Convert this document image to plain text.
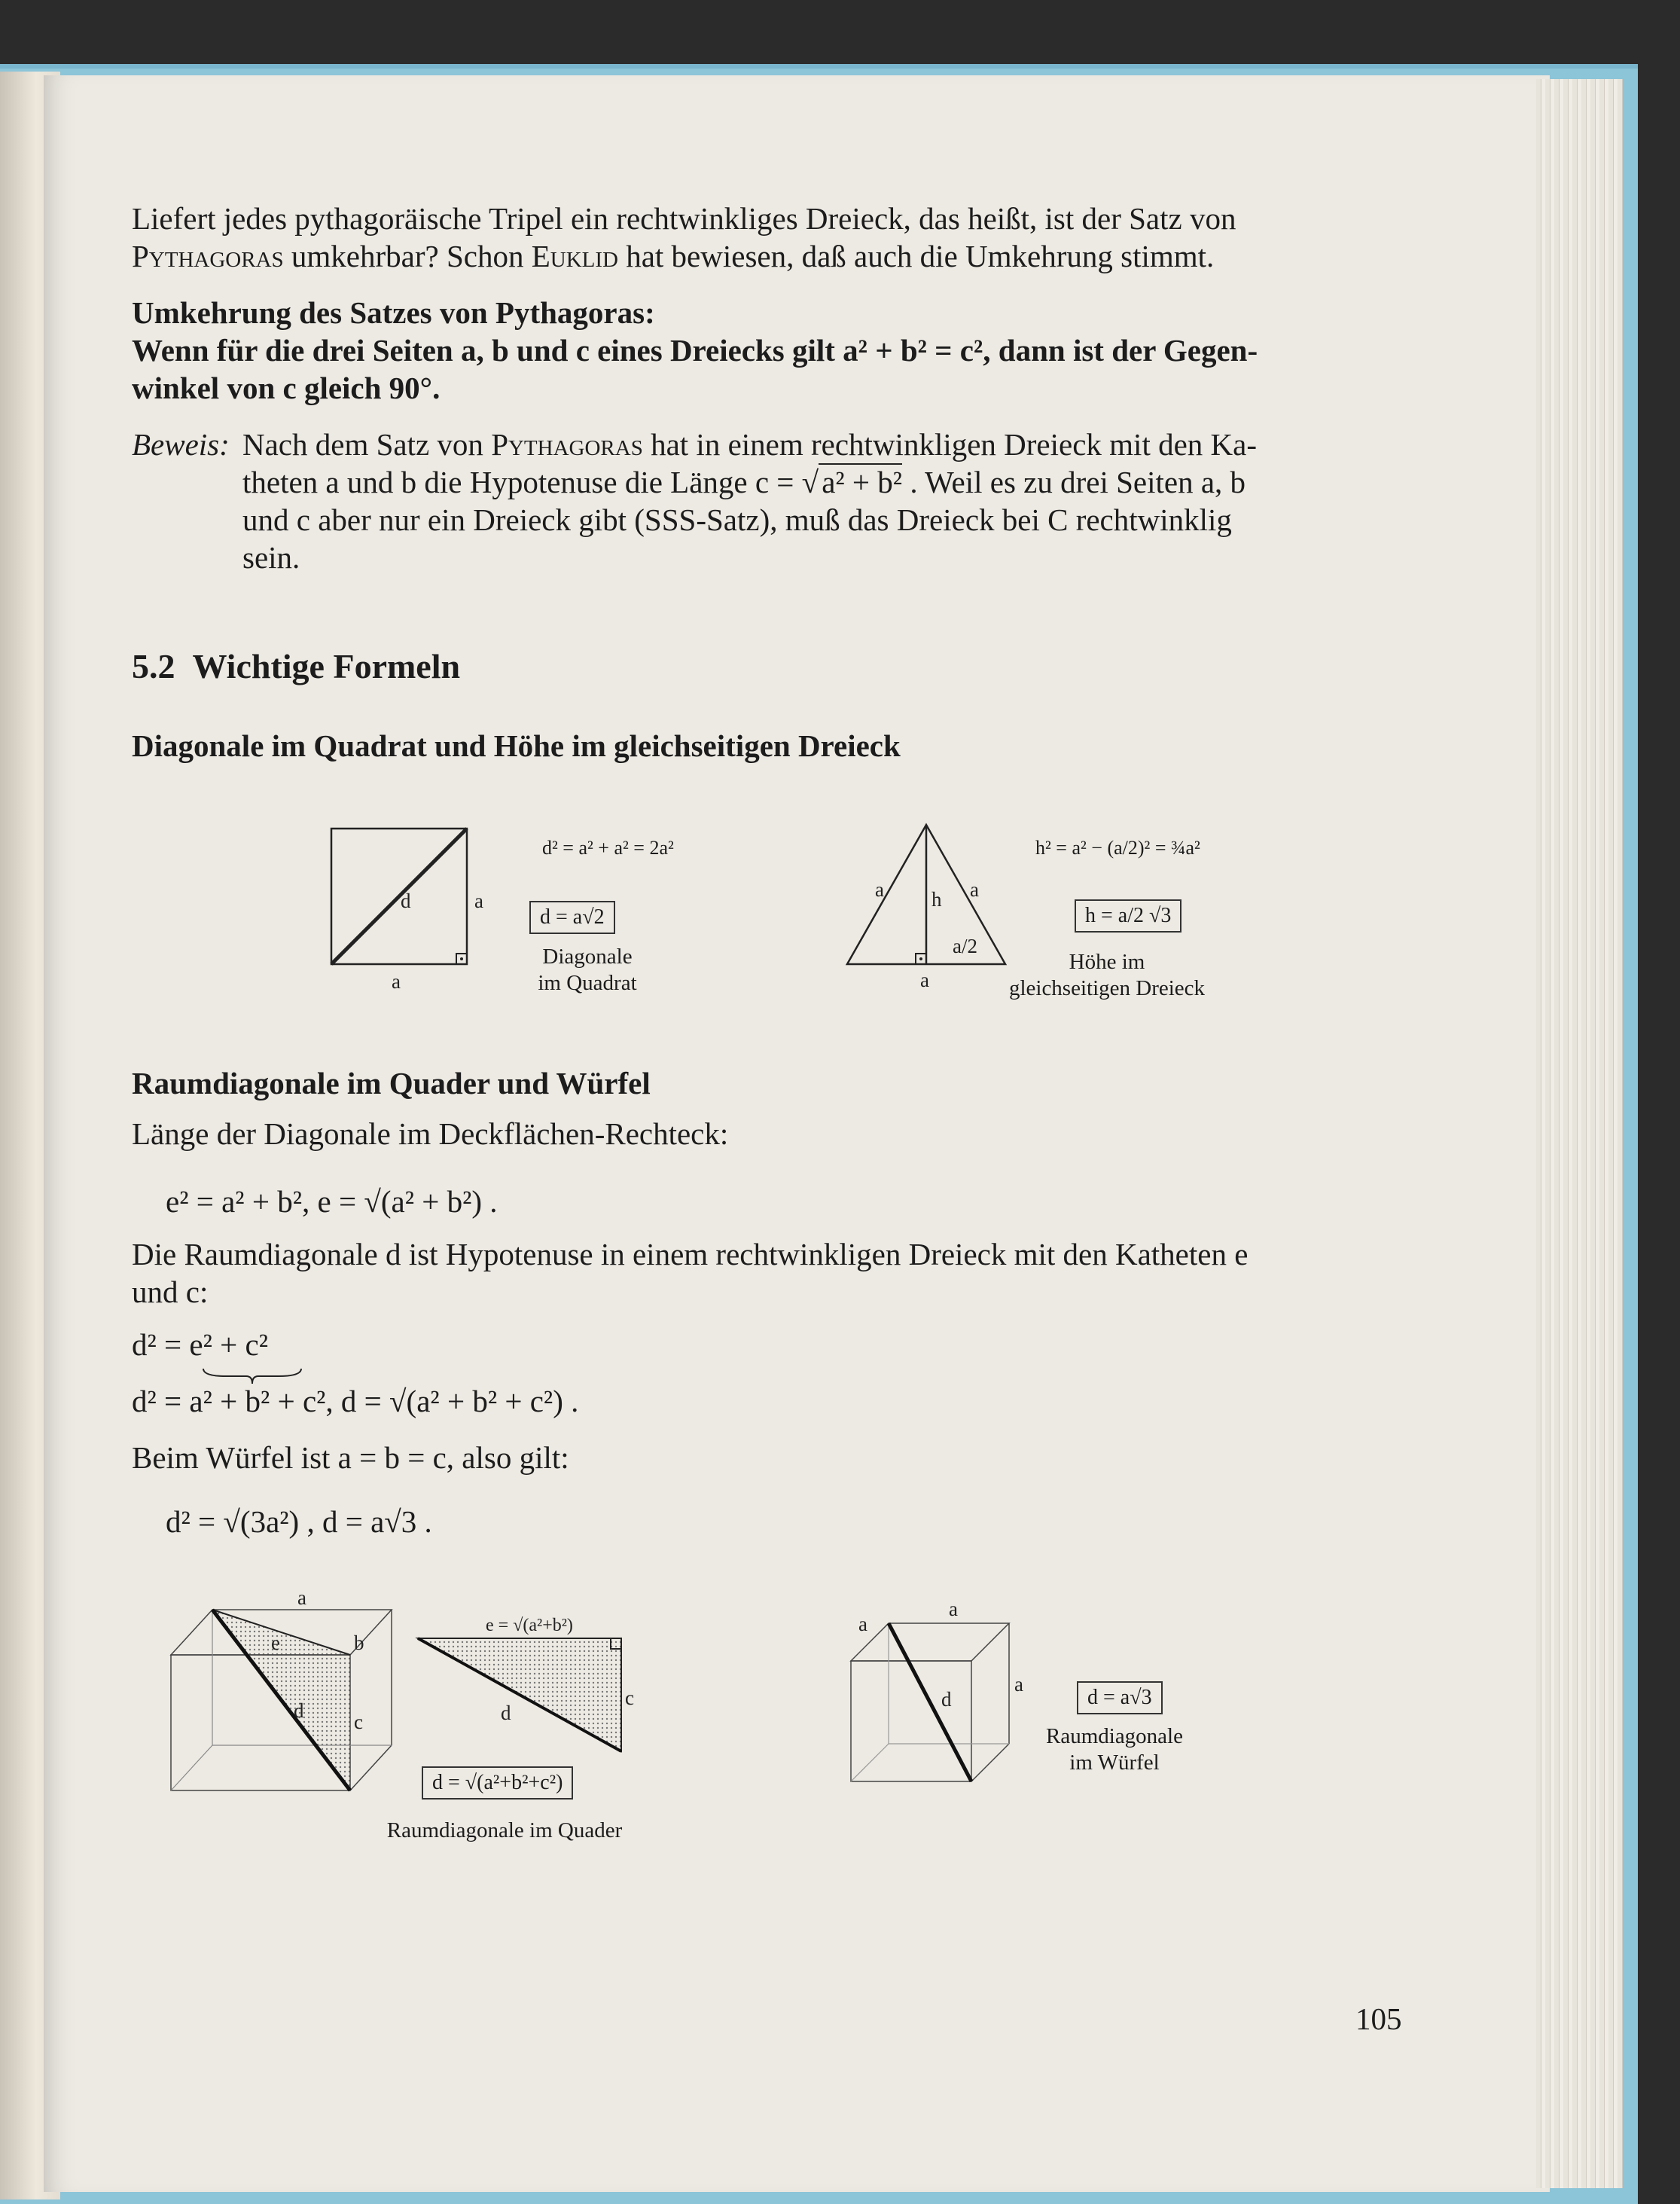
Liefert jedes pythagoräische Tripel ein rechtwinkliges Dreieck, das heißt, ist der Satz von
Pythagoras umkehrbar? Schon Euklid hat bewiesen, daß auch die Umkehrung stimmt.
Umkehrung des Satzes von Pythagoras:
Wenn für die drei Seiten a, b und c eines Dreiecks gilt a² + b² = c², dann ist der Gegen-
winkel von c gleich 90°.
Beweis: Nach dem Satz von Pythagoras hat in einem rechtwinkligen Dreieck mit den Ka-
theten a und b die Hypotenuse die Länge c = √a² + b² . Weil es zu drei Seiten a, b
und c aber nur ein Dreieck gibt (SSS-Satz), muß das Dreieck bei C rechtwinklig
sein.
5.2 Wichtige Formeln
Diagonale im Quadrat und Höhe im gleichseitigen Dreieck
d	a
a
d² = a² + a² = 2a²
d = a√2
Diagonale
im Quadrat
a	a
h
a/2
a
h² = a² − (a/2)² = ¾a²
h = a/2 √3
Höhe im
gleichseitigen Dreieck
Raumdiagonale im Quader und Würfel
Länge der Diagonale im Deckflächen-Rechteck:
e² = a² + b², e = √(a² + b²) .
Die Raumdiagonale d ist Hypotenuse in einem rechtwinkligen Dreieck mit den Katheten e
und c:
d² = e² + c²
d² = a² + b² + c², d = √(a² + b² + c²) .
Beim Würfel ist a = b = c, also gilt:
d² = √(3a²) , d = a√3 .
a
e	b
d c
e = √(a²+b²)
d
c
d = √(a²+b²+c²)
Raumdiagonale im Quader
a
a
a
d	d = a√3
Raumdiagonale
im Würfel
105
